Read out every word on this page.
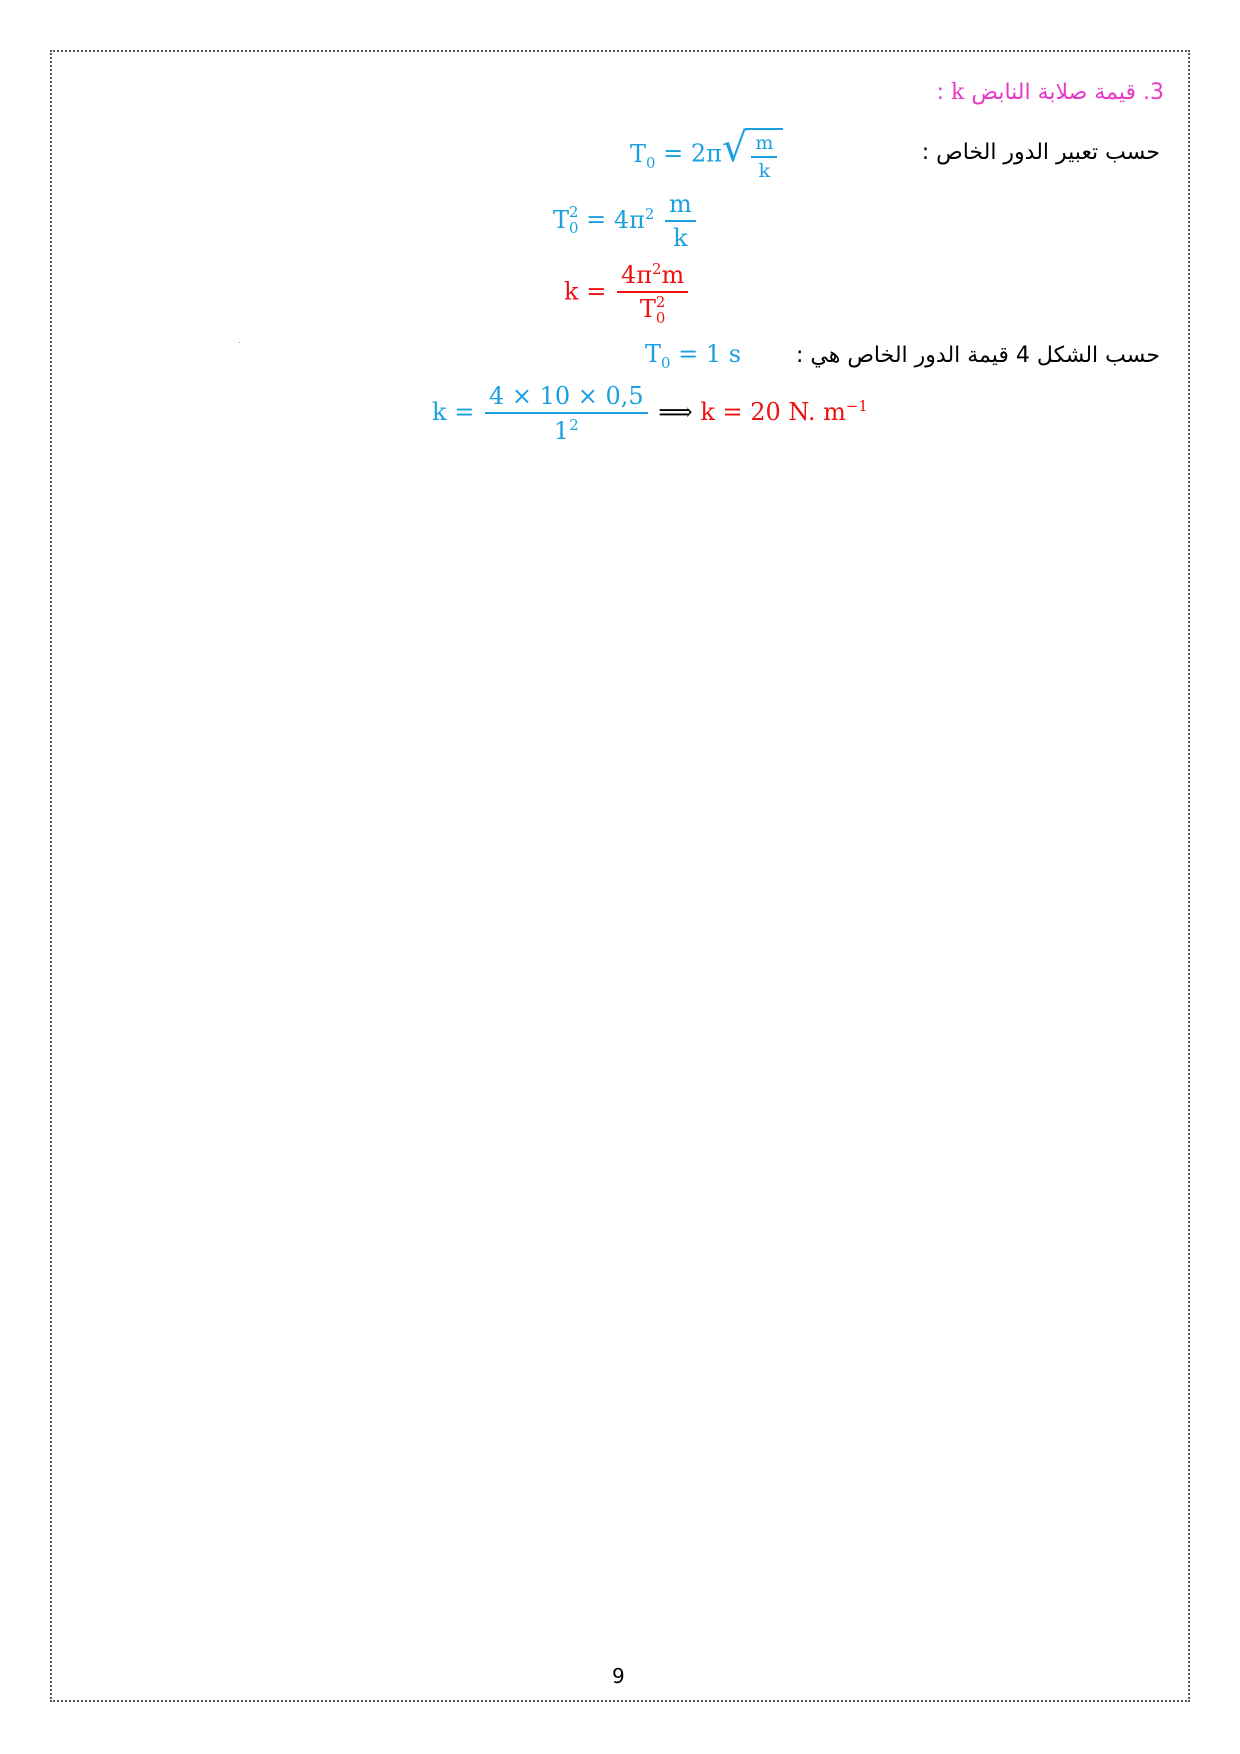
3. قيمة صلابة النابض k :
حسب تعبير الدور الخاص :
$T_0 = 2\pi$ √ $\frac{m}{k}$
T 2
$0 = 4\pi^2 \frac{m}{k}$
$k = 4\pi^2m$
T 2
0
.
حسب الشكل 4 قيمة الدور الخاص هي :
$T_0 = 1$ s
$k = \frac{4 \times 10 \times 0,5}{1^2}$ ⟹ k = 20 N. $m^{-1}$
9
